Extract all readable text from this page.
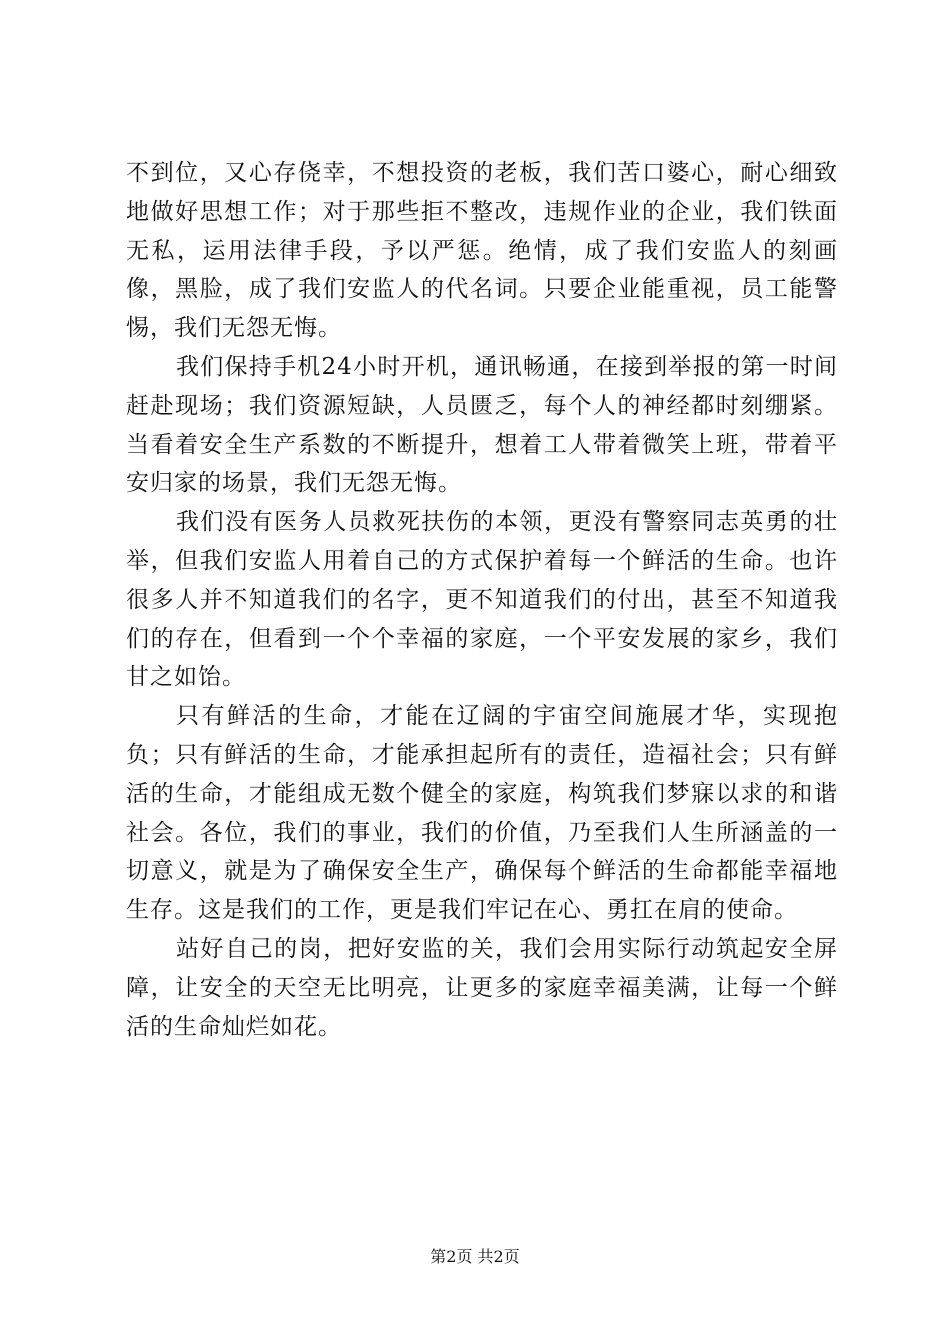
不到位，又心存侥幸，不想投资的老板，我们苦口婆心，耐心细致地做好思想工作；对于那些拒不整改，违规作业的企业，我们铁面无私，运用法律手段，予以严惩。绝情，成了我们安监人的刻画像，黑脸，成了我们安监人的代名词。只要企业能重视，员工能警惕，我们无怨无悔。

我们保持手机24小时开机，通讯畅通，在接到举报的第一时间赶赴现场；我们资源短缺，人员匮乏，每个人的神经都时刻绷紧。当看着安全生产系数的不断提升，想着工人带着微笑上班，带着平安归家的场景，我们无怨无悔。

我们没有医务人员救死扶伤的本领，更没有警察同志英勇的壮举，但我们安监人用着自己的方式保护着每一个鲜活的生命。也许很多人并不知道我们的名字，更不知道我们的付出，甚至不知道我们的存在，但看到一个个幸福的家庭，一个平安发展的家乡，我们甘之如饴。

只有鲜活的生命，才能在辽阔的宇宙空间施展才华，实现抱负；只有鲜活的生命，才能承担起所有的责任，造福社会；只有鲜活的生命，才能组成无数个健全的家庭，构筑我们梦寐以求的和谐社会。各位，我们的事业，我们的价值，乃至我们人生所涵盖的一切意义，就是为了确保安全生产，确保每个鲜活的生命都能幸福地生存。这是我们的工作，更是我们牢记在心、勇扛在肩的使命。

站好自己的岗，把好安监的关，我们会用实际行动筑起安全屏障，让安全的天空无比明亮，让更多的家庭幸福美满，让每一个鲜活的生命灿烂如花。

第2页 共2页
